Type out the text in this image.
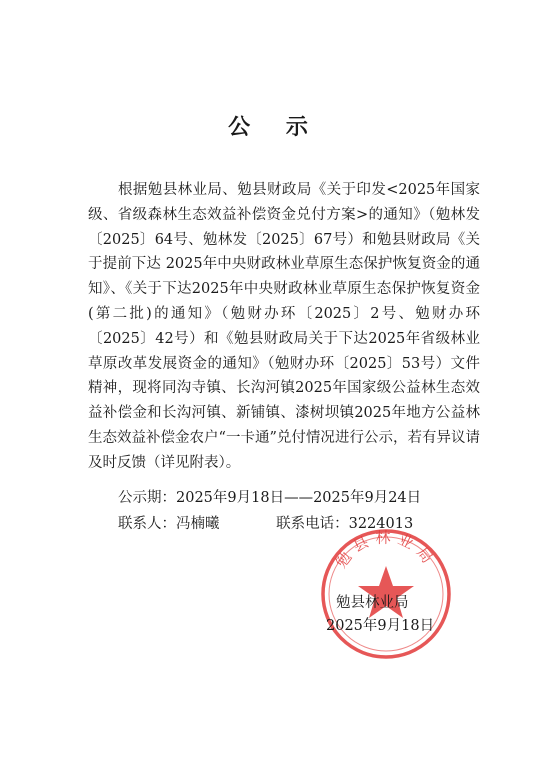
公 示
根据勉县林业局、勉县财政局《关于印发<2025年国家级、省级森林生态效益补偿资金兑付方案>的通知》（勉林发〔2025〕64号、勉林发〔2025〕67号）和勉县财政局《关于提前下达 2025年中央财政林业草原生态保护恢复资金的通知》、《关于下达2025年中央财政林业草原生态保护恢复资金(第二批)的通知》（勉财办环〔2025〕2号、勉财办环〔2025〕42号）和《勉县财政局关于下达2025年省级林业草原改革发展资金的通知》（勉财办环〔2025〕53号）文件精神，现将同沟寺镇、长沟河镇2025年国家级公益林生态效益补偿金和长沟河镇、新铺镇、漆树坝镇2025年地方公益林生态效益补偿金农户“一卡通”兑付情况进行公示，若有异议请及时反馈（详见附表）。
公示期：2025年9月18日——2025年9月24日
联系人：冯楠曦	联系电话：3224013
勉县林业局
勉县林业局
2025年9月18日
